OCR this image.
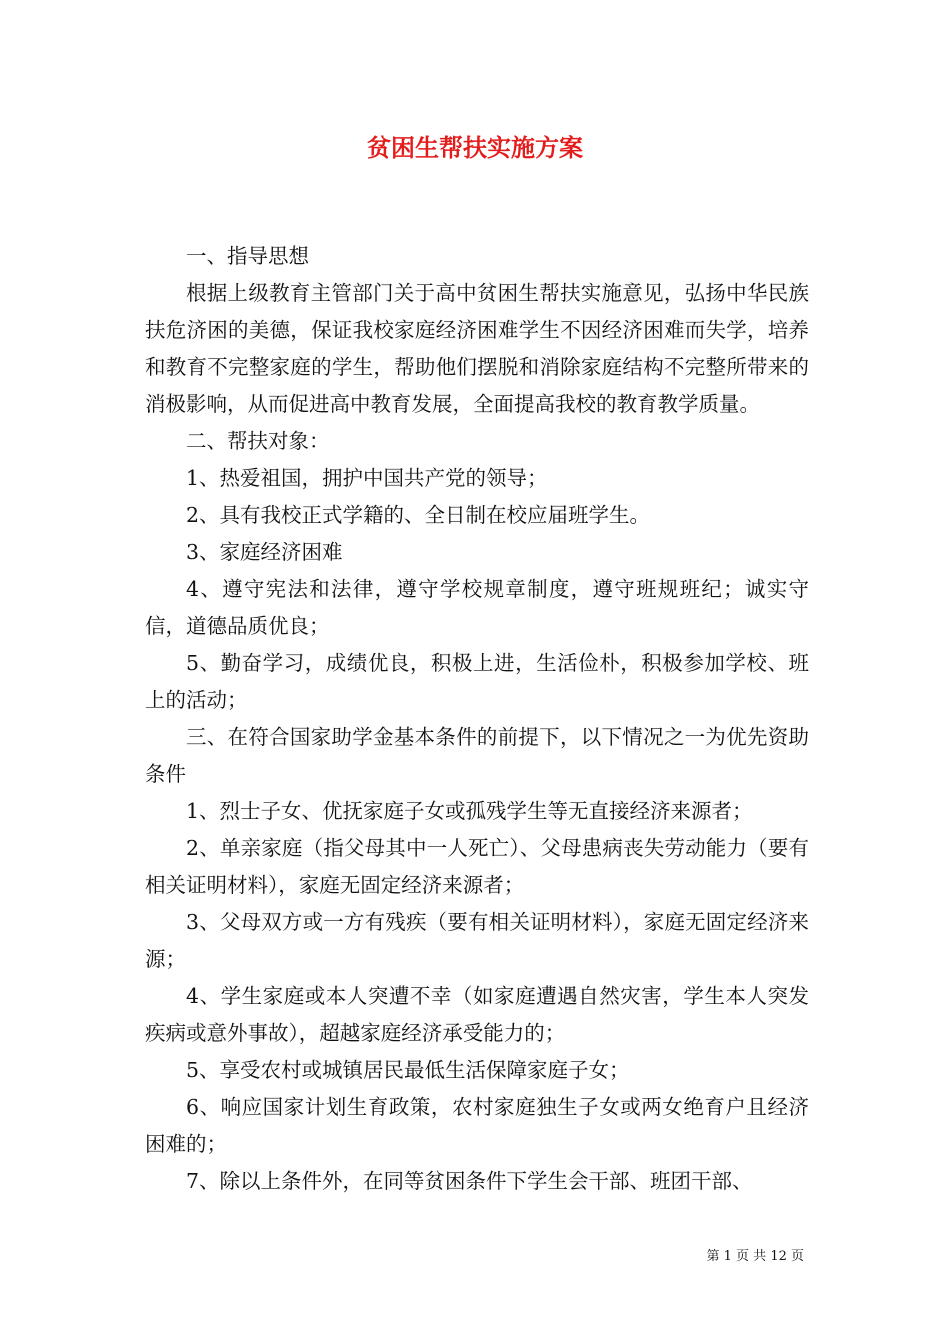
贫困生帮扶实施方案

一、指导思想

根据上级教育主管部门关于高中贫困生帮扶实施意见，弘扬中华民族扶危济困的美德，保证我校家庭经济困难学生不因经济困难而失学，培养和教育不完整家庭的学生，帮助他们摆脱和消除家庭结构不完整所带来的消极影响，从而促进高中教育发展，全面提高我校的教育教学质量。

二、帮扶对象：

1、热爱祖国，拥护中国共产党的领导；

2、具有我校正式学籍的、全日制在校应届班学生。

3、家庭经济困难

4、遵守宪法和法律，遵守学校规章制度，遵守班规班纪；诚实守信，道德品质优良；

5、勤奋学习，成绩优良，积极上进，生活俭朴，积极参加学校、班上的活动；

三、在符合国家助学金基本条件的前提下，以下情况之一为优先资助条件

1、烈士子女、优抚家庭子女或孤残学生等无直接经济来源者；

2、单亲家庭（指父母其中一人死亡）、父母患病丧失劳动能力（要有相关证明材料），家庭无固定经济来源者；

3、父母双方或一方有残疾（要有相关证明材料），家庭无固定经济来源；

4、学生家庭或本人突遭不幸（如家庭遭遇自然灾害，学生本人突发疾病或意外事故），超越家庭经济承受能力的；

5、享受农村或城镇居民最低生活保障家庭子女；

6、响应国家计划生育政策，农村家庭独生子女或两女绝育户且经济困难的；

7、除以上条件外，在同等贫困条件下学生会干部、班团干部、

第 1 页 共 12 页
